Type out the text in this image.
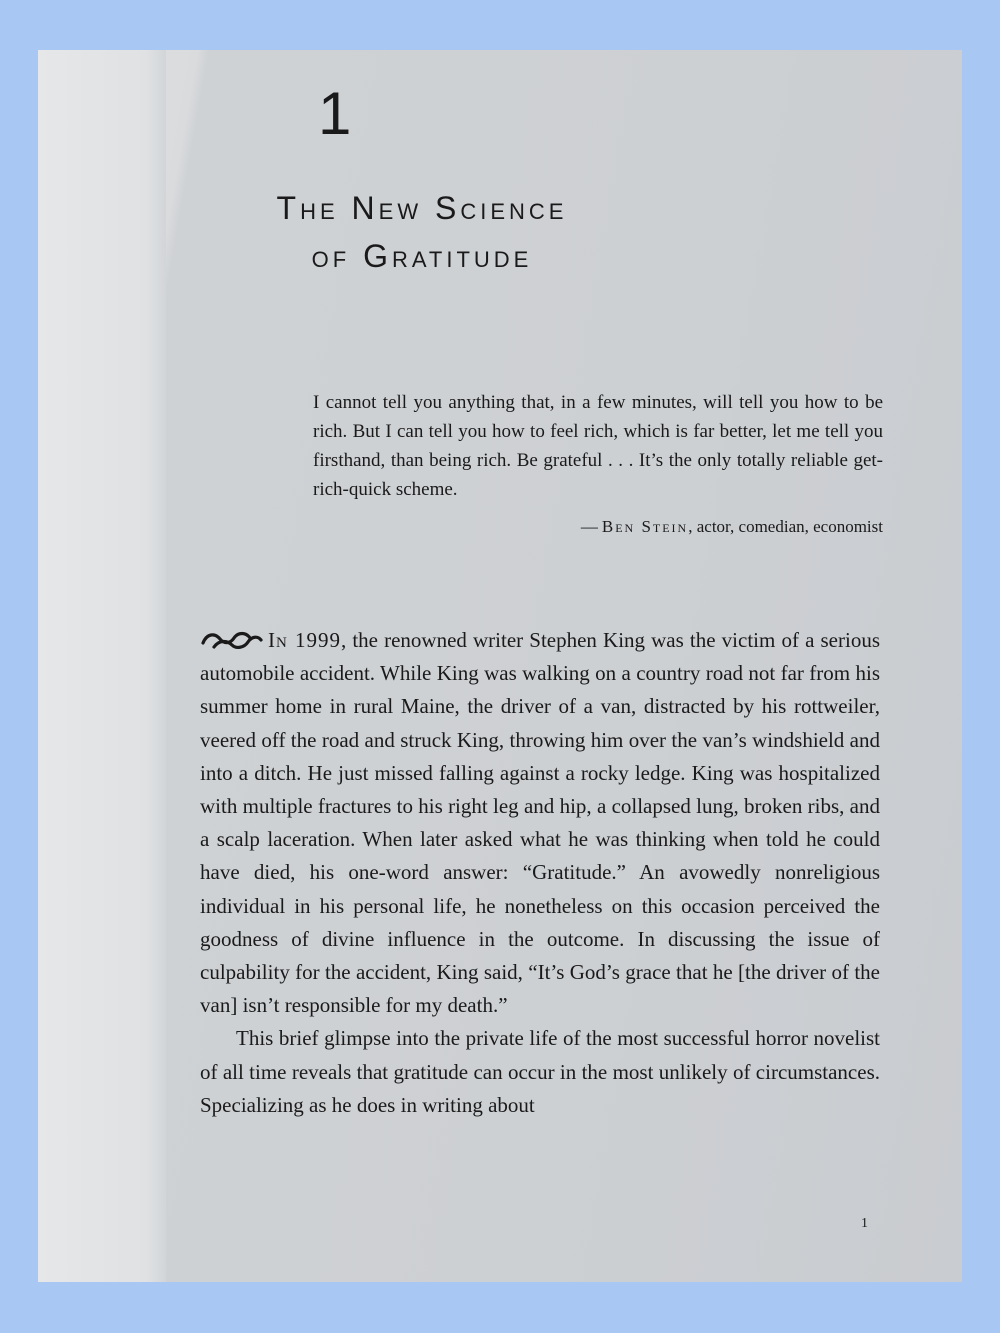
1
The New Science
of Gratitude

I cannot tell you anything that, in a few minutes, will tell you how to be rich. But I can tell you how to feel rich, which is far better, let me tell you firsthand, than being rich. Be grateful . . . It’s the only totally reliable get-rich-quick scheme.

— Ben Stein, actor, comedian, economist

In 1999, the renowned writer Stephen King was the victim of a serious automobile accident. While King was walking on a country road not far from his summer home in rural Maine, the driver of a van, distracted by his rottweiler, veered off the road and struck King, throwing him over the van’s windshield and into a ditch. He just missed falling against a rocky ledge. King was hospitalized with multiple fractures to his right leg and hip, a collapsed lung, broken ribs, and a scalp laceration. When later asked what he was thinking when told he could have died, his one-word answer: “Gratitude.” An avowedly nonreligious individual in his personal life, he nonetheless on this occasion perceived the goodness of divine influence in the outcome. In discussing the issue of culpability for the accident, King said, “It’s God’s grace that he [the driver of the van] isn’t responsible for my death.”

This brief glimpse into the private life of the most successful horror novelist of all time reveals that gratitude can occur in the most unlikely of circumstances. Specializing as he does in writing about

1
